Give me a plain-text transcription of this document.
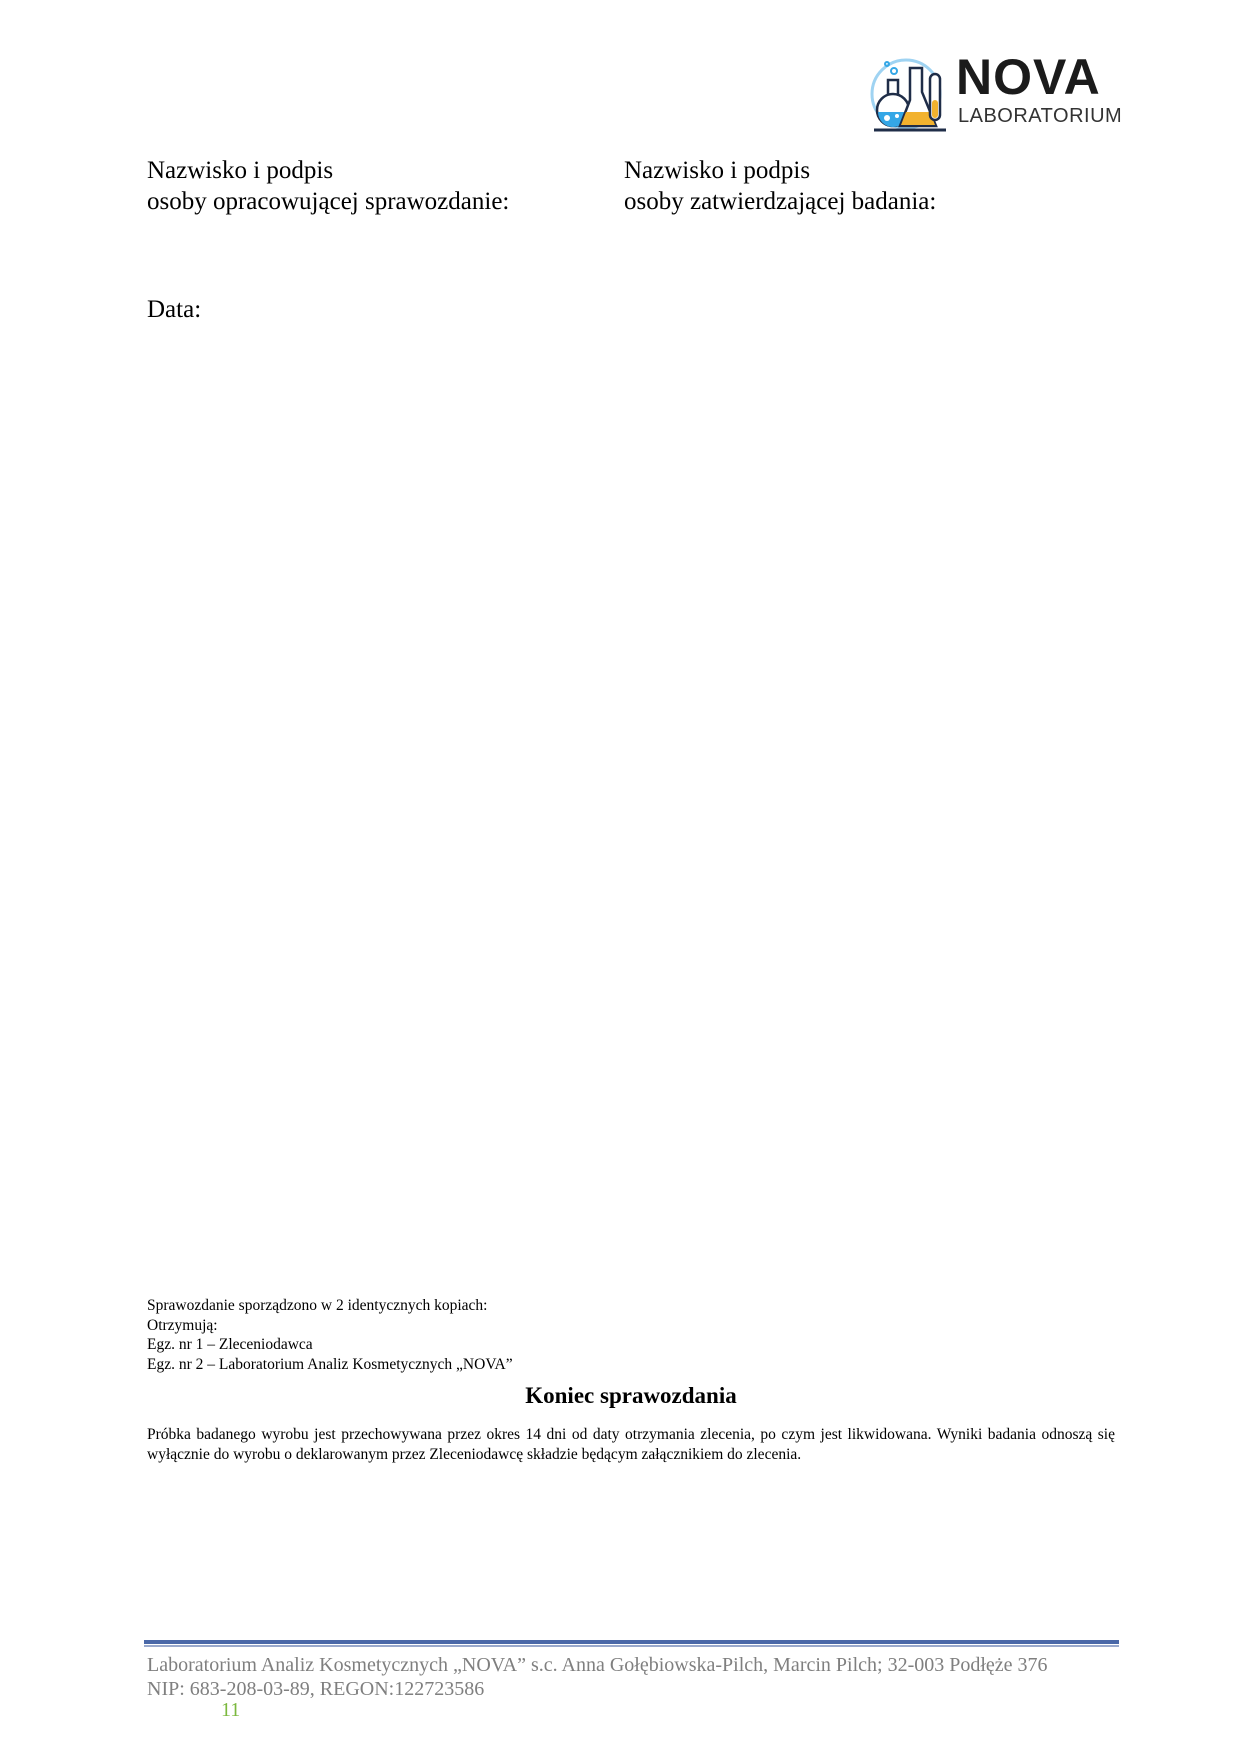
NOVA
LABORATORIUM
Nazwisko i podpis
osoby opracowującej sprawozdanie:
Nazwisko i podpis
osoby zatwierdzającej badania:
Data:
Sprawozdanie sporządzono w 2 identycznych kopiach:
Otrzymują:
Egz. nr 1 – Zleceniodawca
Egz. nr 2 – Laboratorium Analiz Kosmetycznych „NOVA”
Koniec sprawozdania
Próbka badanego wyrobu jest przechowywana przez okres 14 dni od daty otrzymania zlecenia, po czym jest likwidowana. Wyniki badania odnoszą się wyłącznie do wyrobu o deklarowanym przez Zleceniodawcę składzie będącym załącznikiem do zlecenia.
Laboratorium Analiz Kosmetycznych „NOVA” s.c. Anna Gołębiowska-Pilch, Marcin Pilch; 32-003 Podłęże 376
NIP: 683-208-03-89, REGON:122723586
11
